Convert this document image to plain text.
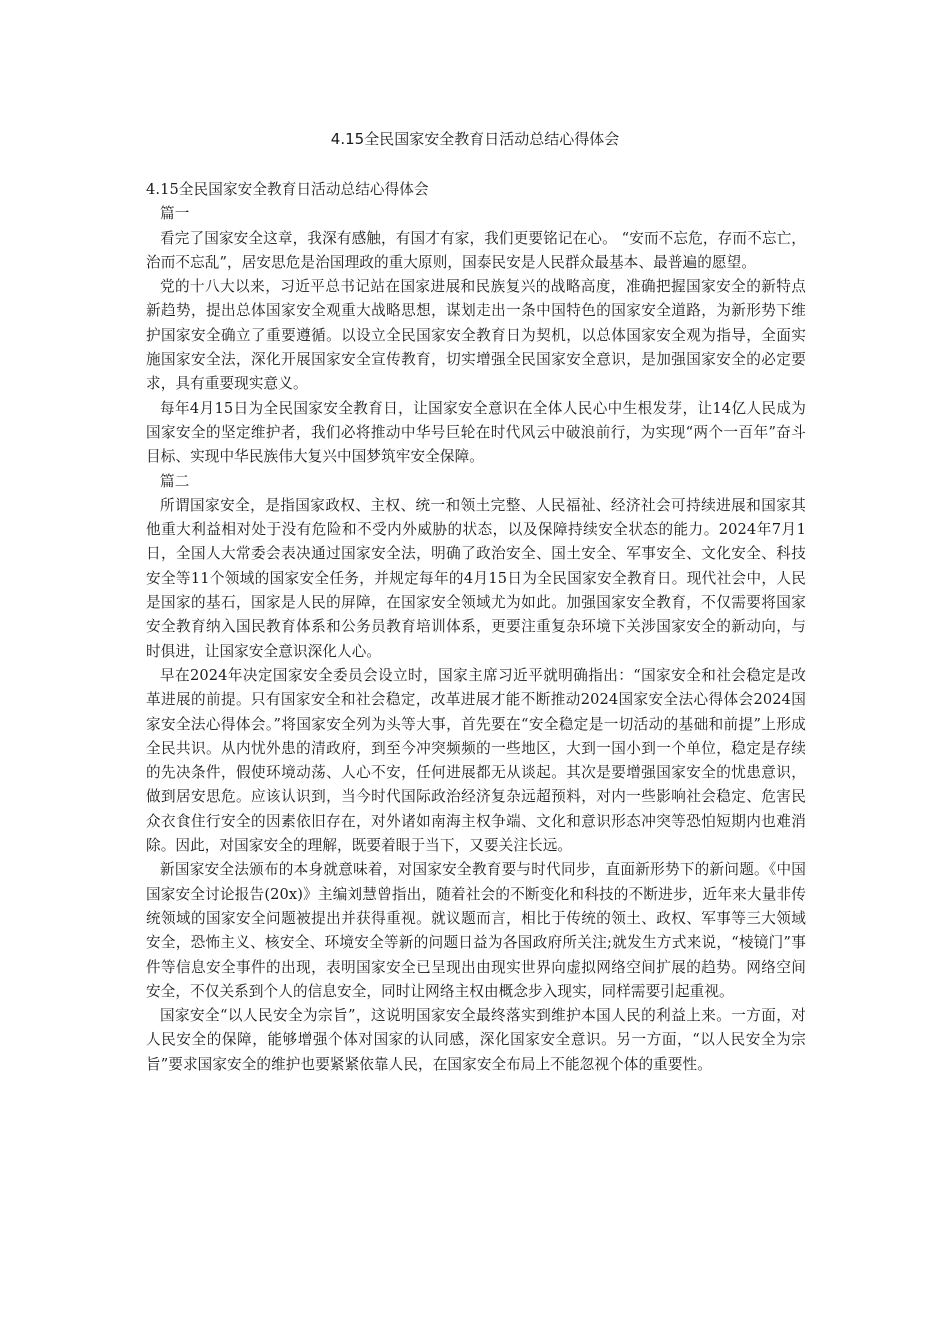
4.15全民国家安全教育日活动总结心得体会

4.15全民国家安全教育日活动总结心得体会

篇一

看完了国家安全这章，我深有感触，有国才有家，我们更要铭记在心。 “安而不忘危，存而不忘亡，治而不忘乱”，居安思危是治国理政的重大原则，国泰民安是人民群众最基本、最普遍的愿望。

党的十八大以来，习近平总书记站在国家进展和民族复兴的战略高度，准确把握国家安全的新特点新趋势，提出总体国家安全观重大战略思想，谋划走出一条中国特色的国家安全道路，为新形势下维护国家安全确立了重要遵循。以设立全民国家安全教育日为契机，以总体国家安全观为指导，全面实施国家安全法，深化开展国家安全宣传教育，切实增强全民国家安全意识，是加强国家安全的必定要求，具有重要现实意义。

每年4月15日为全民国家安全教育日，让国家安全意识在全体人民心中生根发芽，让14亿人民成为国家安全的坚定维护者，我们必将推动中华号巨轮在时代风云中破浪前行，为实现“两个一百年”奋斗目标、实现中华民族伟大复兴中国梦筑牢安全保障。

篇二

所谓国家安全，是指国家政权、主权、统一和领土完整、人民福祉、经济社会可持续进展和国家其他重大利益相对处于没有危险和不受内外威胁的状态，以及保障持续安全状态的能力。2024年7月1日，全国人大常委会表决通过国家安全法，明确了政治安全、国土安全、军事安全、文化安全、科技安全等11个领域的国家安全任务，并规定每年的4月15日为全民国家安全教育日。现代社会中，人民是国家的基石，国家是人民的屏障，在国家安全领域尤为如此。加强国家安全教育，不仅需要将国家安全教育纳入国民教育体系和公务员教育培训体系，更要注重复杂环境下关涉国家安全的新动向，与时俱进，让国家安全意识深化人心。

早在2024年决定国家安全委员会设立时，国家主席习近平就明确指出：“国家安全和社会稳定是改革进展的前提。只有国家安全和社会稳定，改革进展才能不断推动2024国家安全法心得体会2024国家安全法心得体会。”将国家安全列为头等大事，首先要在“安全稳定是一切活动的基础和前提”上形成全民共识。从内忧外患的清政府，到至今冲突频频的一些地区，大到一国小到一个单位，稳定是存续的先决条件，假使环境动荡、人心不安，任何进展都无从谈起。其次是要增强国家安全的忧患意识，做到居安思危。应该认识到，当今时代国际政治经济复杂远超预料，对内一些影响社会稳定、危害民众衣食住行安全的因素依旧存在，对外诸如南海主权争端、文化和意识形态冲突等恐怕短期内也难消除。因此，对国家安全的理解，既要着眼于当下，又要关注长远。

新国家安全法颁布的本身就意味着，对国家安全教育要与时代同步，直面新形势下的新问题。《中国国家安全讨论报告(20x)》主编刘慧曾指出，随着社会的不断变化和科技的不断进步，近年来大量非传统领域的国家安全问题被提出并获得重视。就议题而言，相比于传统的领土、政权、军事等三大领域安全，恐怖主义、核安全、环境安全等新的问题日益为各国政府所关注;就发生方式来说，“棱镜门”事件等信息安全事件的出现，表明国家安全已呈现出由现实世界向虚拟网络空间扩展的趋势。网络空间安全，不仅关系到个人的信息安全，同时让网络主权由概念步入现实，同样需要引起重视。

国家安全“以人民安全为宗旨”，这说明国家安全最终落实到维护本国人民的利益上来。一方面，对人民安全的保障，能够增强个体对国家的认同感，深化国家安全意识。另一方面，“以人民安全为宗旨”要求国家安全的维护也要紧紧依靠人民，在国家安全布局上不能忽视个体的重要性。
